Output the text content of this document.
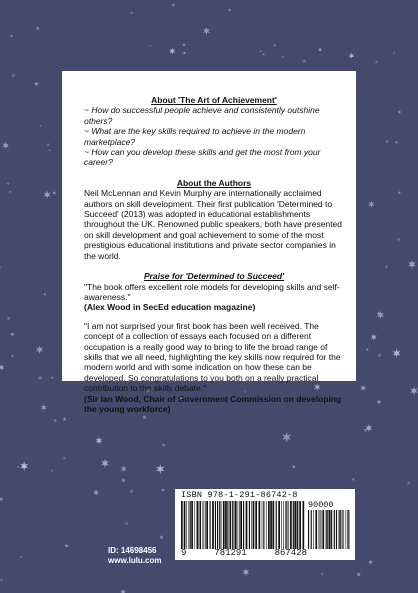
About 'The Art of Achievement'
~ How do successful people achieve and consistently outshine others?
~ What are the key skills required to achieve in the modern marketplace?
~ How can you develop these skills and get the most from your career?
About the Authors
Neil McLennan and Kevin Murphy are internationally acclaimed authors on skill development. Their first publication 'Determined to Succeed' (2013) was adopted in educational establishments throughout the UK. Renowned public speakers, both have presented on skill development and goal achievement to some of the most prestigious educational institutions and private sector companies in the world.
Praise for 'Determined to Succeed'
"The book offers excellent role models for developing skills and self-awareness."
(Alex Wood in SecEd education magazine)
"I am not surprised your first book has been well received. The concept of a collection of essays each focused on a different occupation is a really good way to bring to life the broad range of skills that we all need, highlighting the key skills now required for the modern world and with some indication on how these can be developed. So congratulations to you both on a really practical contribution to the skills debate."
(Sir Ian Wood, Chair of Government Commission on developing the young workforce)
ISBN 978-1-291-86742-8
90000
9	781291	867428
ID: 14698456
www.lulu.com
